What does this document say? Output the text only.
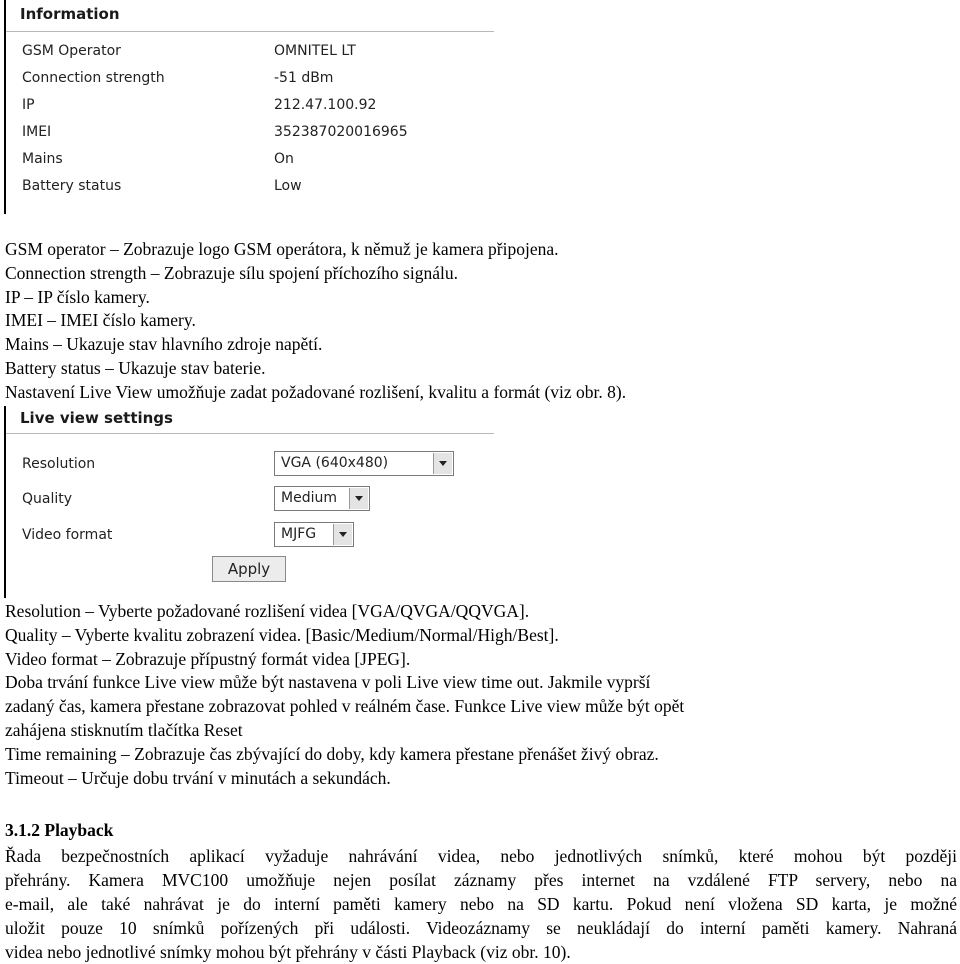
Information
GSM Operator	OMNITEL LT
Connection strength	-51 dBm
IP	212.47.100.92
IMEI	352387020016965
Mains	On
Battery status	Low
GSM operator – Zobrazuje logo GSM operátora, k němuž je kamera připojena.
Connection strength – Zobrazuje sílu spojení příchozího signálu.
IP – IP číslo kamery.
IMEI – IMEI číslo kamery.
Mains – Ukazuje stav hlavního zdroje napětí.
Battery status – Ukazuje stav baterie.
Nastavení Live View umožňuje zadat požadované rozlišení, kvalitu a formát (viz obr. 8).
Live view settings
Resolution	VGA (640x480)
Quality	Medium
Video format	MJFG
Apply
Resolution – Vyberte požadované rozlišení videa [VGA/QVGA/QQVGA].
Quality – Vyberte kvalitu zobrazení videa. [Basic/Medium/Normal/High/Best].
Video format – Zobrazuje přípustný formát videa [JPEG].
Doba trvání funkce Live view může být nastavena v poli Live view time out. Jakmile vyprší
zadaný čas, kamera přestane zobrazovat pohled v reálném čase. Funkce Live view může být opět
zahájena stisknutím tlačítka Reset
Time remaining – Zobrazuje čas zbývající do doby, kdy kamera přestane přenášet živý obraz.
Timeout – Určuje dobu trvání v minutách a sekundách.
3.1.2 Playback
Řada bezpečnostních aplikací vyžaduje nahrávání videa, nebo jednotlivých snímků, které mohou být později
přehrány. Kamera MVC100 umožňuje nejen posílat záznamy přes internet na vzdálené FTP servery, nebo na
e-mail, ale také nahrávat je do interní paměti kamery nebo na SD kartu. Pokud není vložena SD karta, je možné
uložit pouze 10 snímků pořízených při události. Videozáznamy se neukládají do interní paměti kamery. Nahraná
videa nebo jednotlivé snímky mohou být přehrány v části Playback (viz obr. 10).
